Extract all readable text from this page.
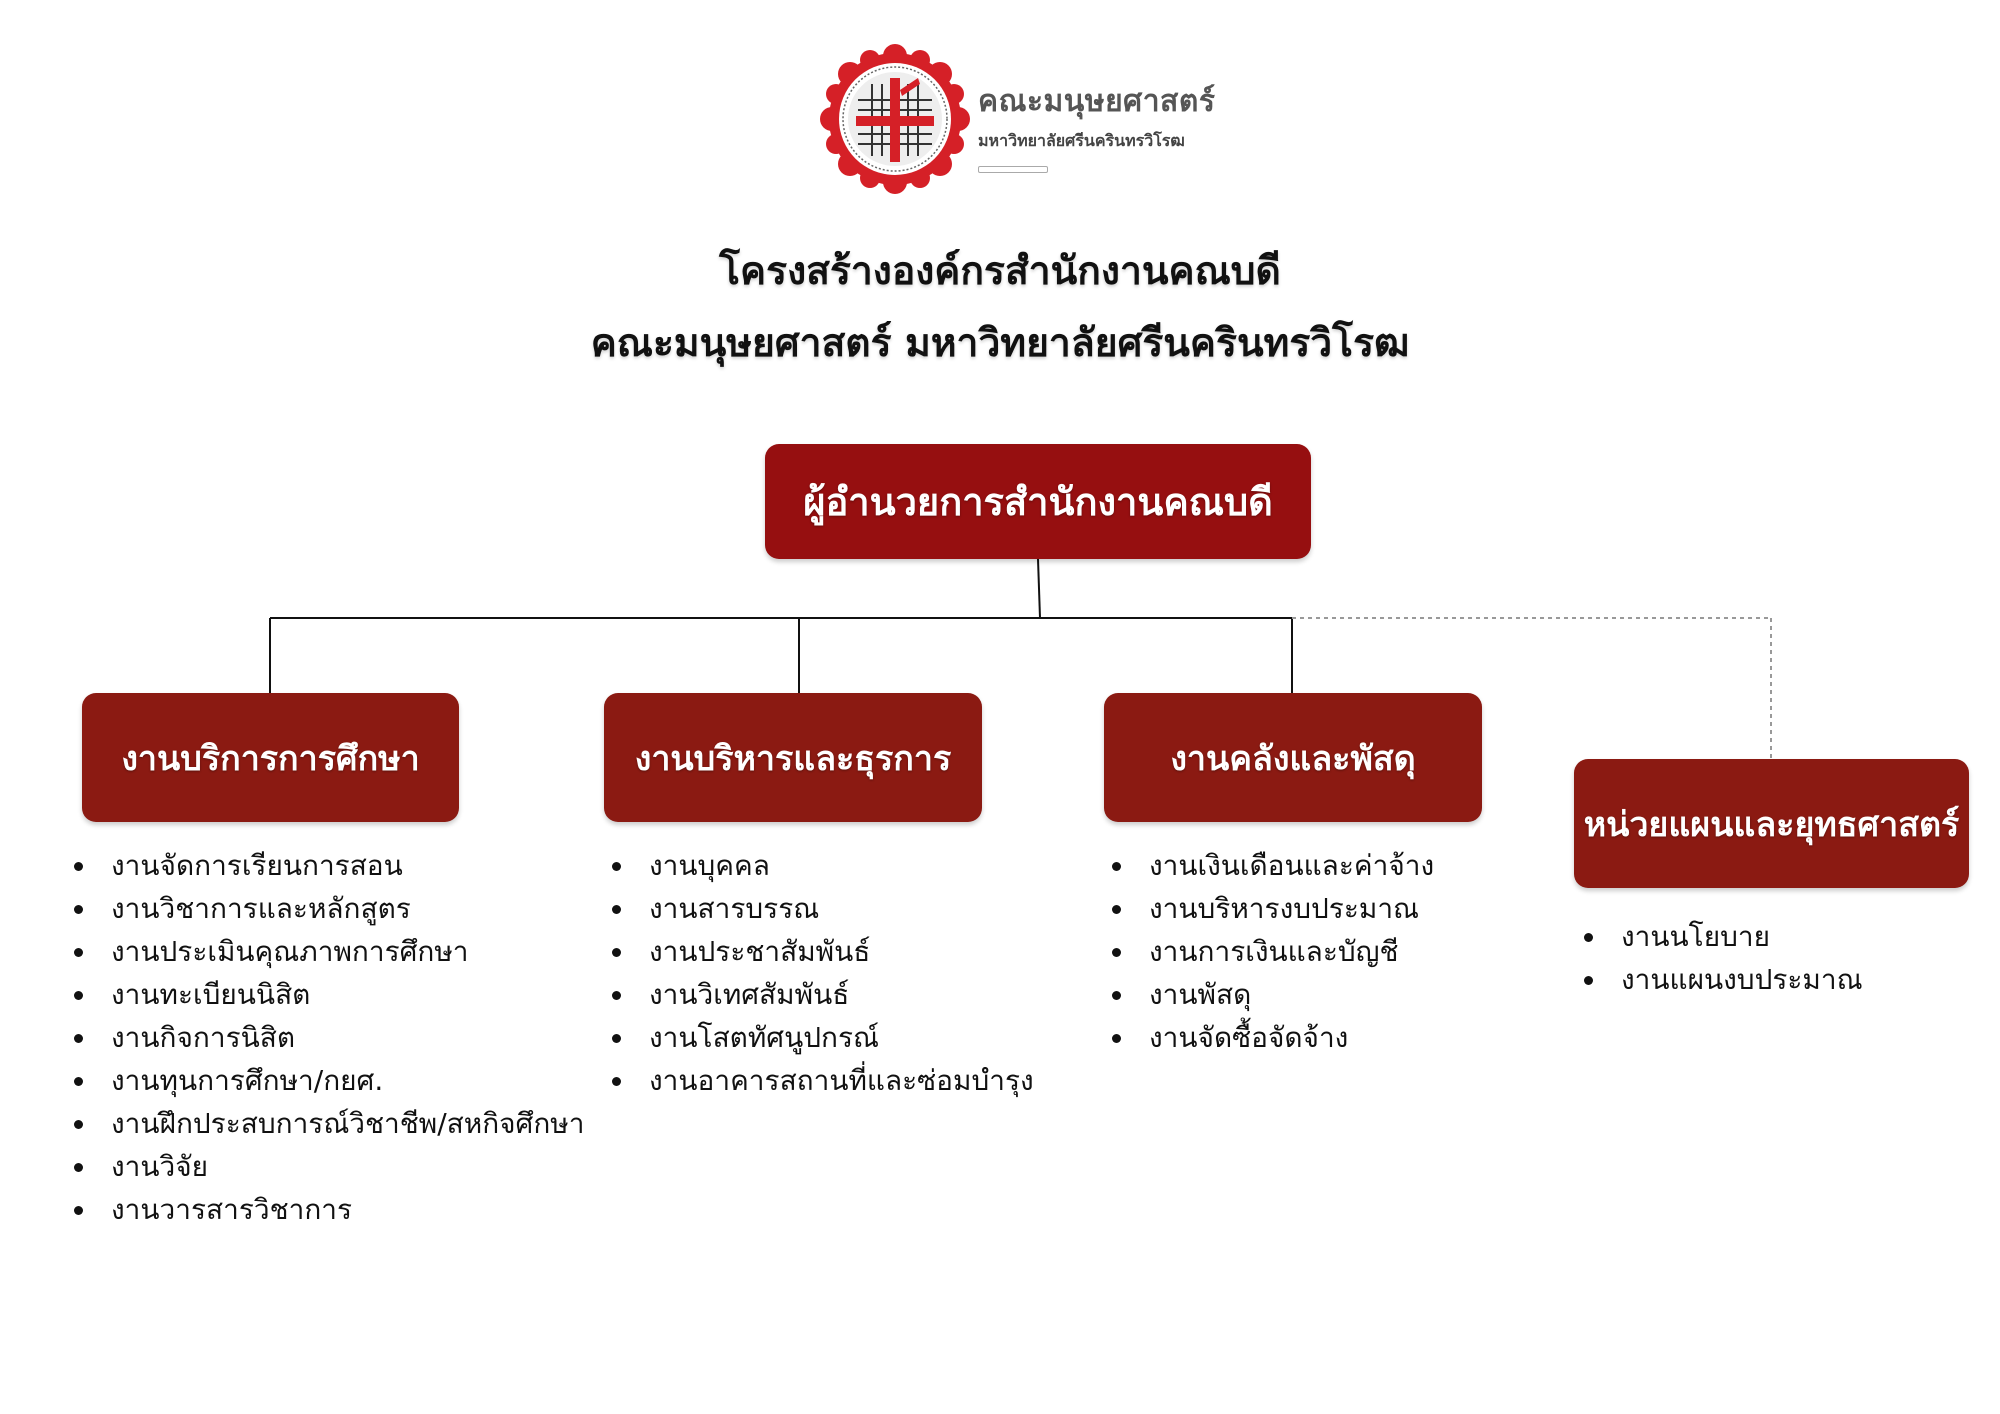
คณะมนุษยศาสตร์
มหาวิทยาลัยศรีนครินทรวิโรฒ
โครงสร้างองค์กรสำนักงานคณบดี
คณะมนุษยศาสตร์ มหาวิทยาลัยศรีนครินทรวิโรฒ
ผู้อำนวยการสำนักงานคณบดี
งานบริการการศึกษา	งานบริหารและธุรการ	งานคลังและพัสดุ
หน่วยแผนและยุทธศาสตร์
งานจัดการเรียนการสอน
งานวิชาการและหลักสูตร
งานประเมินคุณภาพการศึกษา
งานทะเบียนนิสิต
งานกิจการนิสิต
งานทุนการศึกษา/กยศ.
งานฝึกประสบการณ์วิชาชีพ/สหกิจศึกษา
งานวิจัย
งานวารสารวิชาการ
งานบุคคล
งานสารบรรณ
งานประชาสัมพันธ์
งานวิเทศสัมพันธ์
งานโสตทัศนูปกรณ์
งานอาคารสถานที่และซ่อมบำรุง
งานเงินเดือนและค่าจ้าง
งานบริหารงบประมาณ
งานการเงินและบัญชี
งานพัสดุ
งานจัดซื้อจัดจ้าง
งานนโยบาย
งานแผนงบประมาณ
